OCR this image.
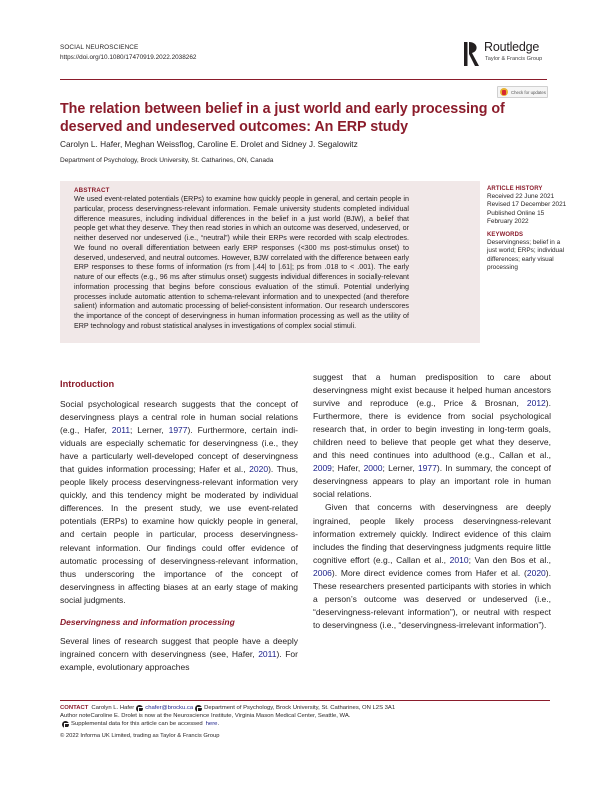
SOCIAL NEUROSCIENCE
https://doi.org/10.1080/17470919.2022.2038262
Routledge
Taylor & Francis Group
Check for updates
The relation between belief in a just world and early processing of deserved and undeserved outcomes: An ERP study
Carolyn L. Hafer, Meghan Weissflog, Caroline E. Drolet and Sidney J. Segalowitz
Department of Psychology, Brock University, St. Catharines, ON, Canada
ABSTRACT

We used event-related potentials (ERPs) to examine how quickly people in general, and certain people in particular, process deservingness-relevant information. Female university students completed individual difference measures, including individual differences in the belief in a just world (BJW), a belief that people get what they deserve. They then read stories in which an outcome was deserved, undeserved, or neither deserved nor undeserved (i.e., “neutral”) while their ERPs were recorded with scalp electrodes. We found no overall differentiation between early ERP responses (<300 ms post-stimulus onset) to deserved, undeserved, and neutral outcomes. However, BJW correlated with the difference between early ERP responses to these forms of information (rs from |.44| to |.61|; ps from .018 to < .001). The early nature of our effects (e.g., 96 ms after stimulus onset) suggests individual differences in socially-relevant information processing that begins before conscious evaluation of the stimuli. Potential underlying processes include automatic attention to schema-relevant information and to unexpected (and therefore salient) information and automatic processing of belief-consistent information. Our research underscores the importance of the concept of deservingness in human information processing as well as the utility of ERP technology and robust statistical analyses in investigations of complex social stimuli.

ARTICLE HISTORY
Received 22 June 2021
Revised 17 December 2021
Published Online 15 February 2022
KEYWORDS
Deservingness; belief in a just world; ERPs; individual differences; early visual processing
Introduction

Social psychological research suggests that the concept of deservingness plays a central role in human social relations (e.g., Hafer, 2011; Lerner, 1977). Furthermore, certain individuals are especially schematic for deservingness (i.e., they have a particularly well-developed concept of deservingness that guides information processing; Hafer et al., 2020). Thus, people likely process deservingness-relevant information very quickly, and this tendency might be moderated by individual differences. In the present study, we use event-related potentials (ERPs) to examine how quickly people in general, and certain people in particular, process deservingness-relevant information. Our findings could offer evidence of automatic processing of deservingness-relevant information, thus underscoring the importance of the concept of deservingness in affecting biases at an early stage of making social judgments.

Deservingness and information processing

Several lines of research suggest that people have a deeply ingrained concern with deservingness (see, Hafer, 2011). For example, evolutionary approaches

suggest that a human predisposition to care about deservingness might exist because it helped human ancestors survive and reproduce (e.g., Price & Brosnan, 2012). Furthermore, there is evidence from social psychological research that, in order to begin investing in long-term goals, children need to believe that people get what they deserve, and this need continues into adulthood (e.g., Callan et al., 2009; Hafer, 2000; Lerner, 1977). In summary, the concept of deservingness appears to play an important role in human social relations.

Given that concerns with deservingness are deeply ingrained, people likely process deservingness-relevant information extremely quickly. Indirect evidence of this claim includes the finding that deservingness judgments require little cognitive effort (e.g., Callan et al., 2010; Van den Bos et al., 2006). More direct evidence comes from Hafer et al. (2020). These researchers presented participants with stories in which a person’s outcome was deserved or undeserved (i.e., “deservingness-relevant information”), or neutral with respect to deservingness (i.e., “deservingness-irrelevant information”).

CONTACT Carolyn L. Hafer chafer@brocku.ca Department of Psychology, Brock University, St. Catharines, ON L2S 3A1
Author noteCaroline E. Drolet is now at the Neuroscience Institute, Virginia Mason Medical Center, Seattle, WA.
Supplemental data for this article can be accessed here .
© 2022 Informa UK Limited, trading as Taylor & Francis Group
